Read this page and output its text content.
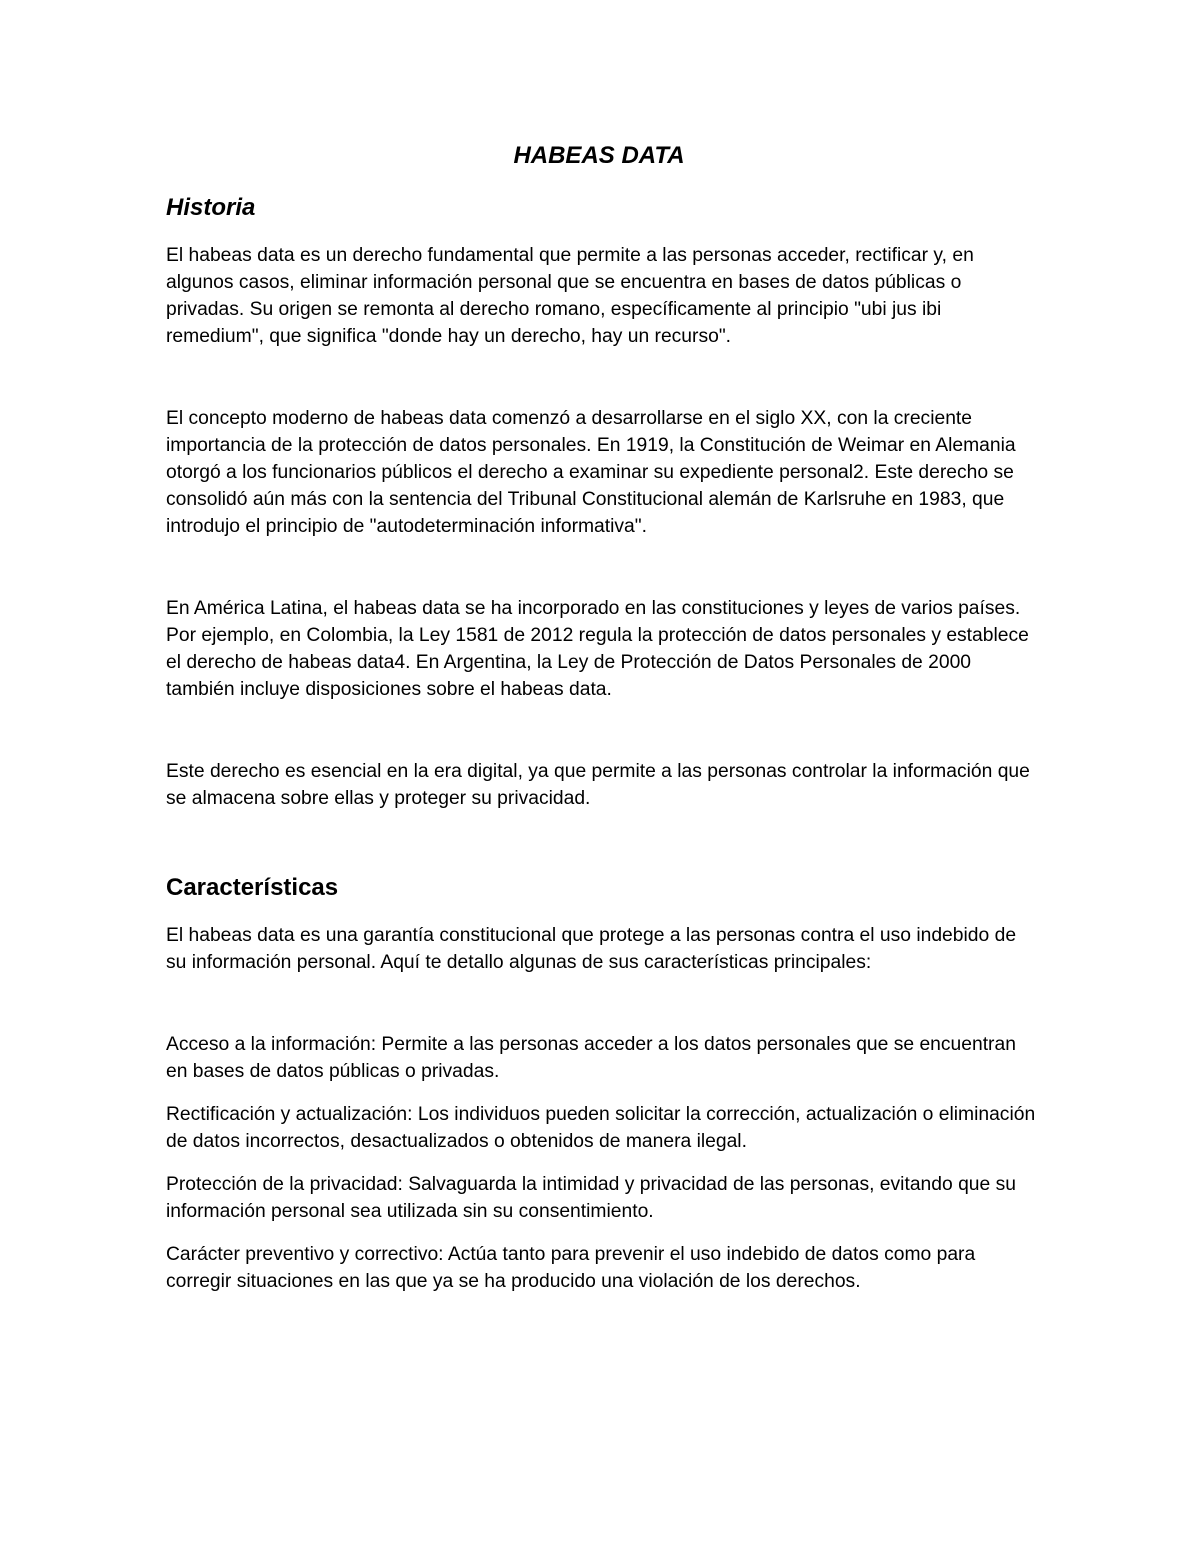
HABEAS DATA
Historia

El habeas data es un derecho fundamental que permite a las personas acceder, rectificar y, en algunos casos, eliminar información personal que se encuentra en bases de datos públicas o privadas. Su origen se remonta al derecho romano, específicamente al principio "ubi jus ibi remedium", que significa "donde hay un derecho, hay un recurso".

El concepto moderno de habeas data comenzó a desarrollarse en el siglo XX, con la creciente importancia de la protección de datos personales. En 1919, la Constitución de Weimar en Alemania otorgó a los funcionarios públicos el derecho a examinar su expediente personal2. Este derecho se consolidó aún más con la sentencia del Tribunal Constitucional alemán de Karlsruhe en 1983, que introdujo el principio de "autodeterminación informativa".

En América Latina, el habeas data se ha incorporado en las constituciones y leyes de varios países. Por ejemplo, en Colombia, la Ley 1581 de 2012 regula la protección de datos personales y establece el derecho de habeas data4. En Argentina, la Ley de Protección de Datos Personales de 2000 también incluye disposiciones sobre el habeas data.

Este derecho es esencial en la era digital, ya que permite a las personas controlar la información que se almacena sobre ellas y proteger su privacidad.

Características

El habeas data es una garantía constitucional que protege a las personas contra el uso indebido de su información personal. Aquí te detallo algunas de sus características principales:

Acceso a la información: Permite a las personas acceder a los datos personales que se encuentran en bases de datos públicas o privadas.

Rectificación y actualización: Los individuos pueden solicitar la corrección, actualización o eliminación de datos incorrectos, desactualizados o obtenidos de manera ilegal.

Protección de la privacidad: Salvaguarda la intimidad y privacidad de las personas, evitando que su información personal sea utilizada sin su consentimiento.

Carácter preventivo y correctivo: Actúa tanto para prevenir el uso indebido de datos como para corregir situaciones en las que ya se ha producido una violación de los derechos.
